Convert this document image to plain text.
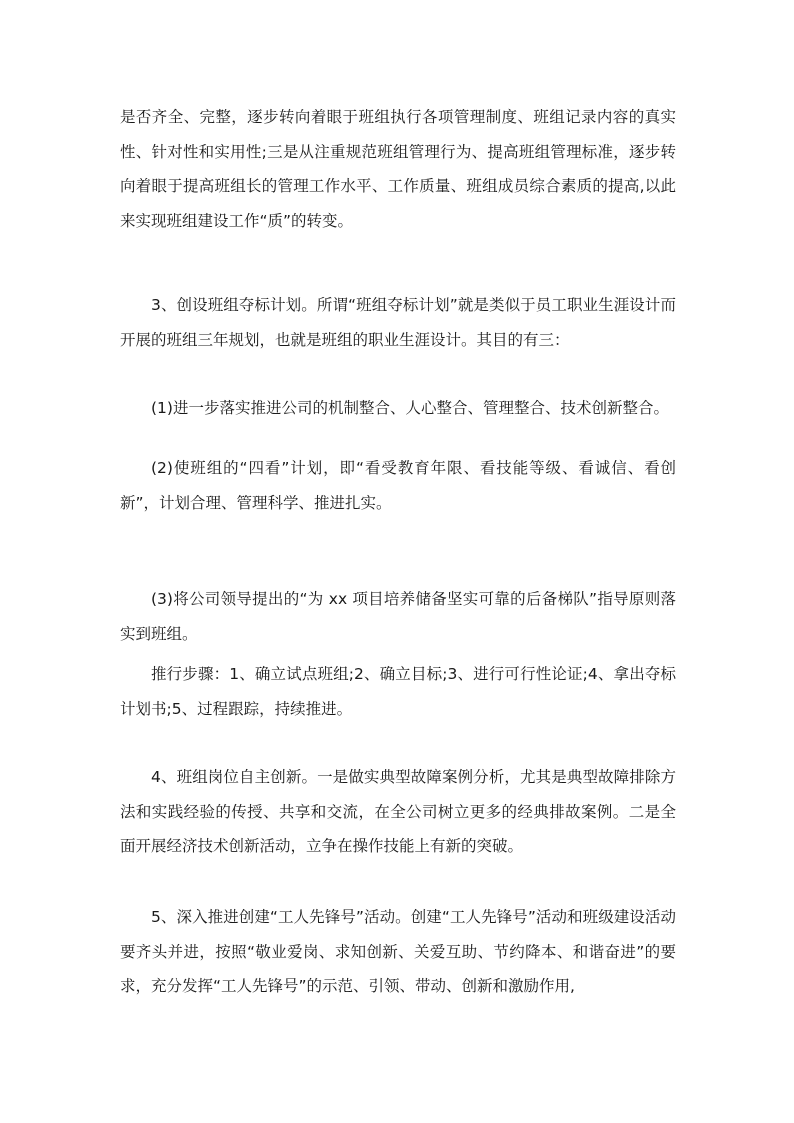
是否齐全、完整，逐步转向着眼于班组执行各项管理制度、班组记录内容的真实性、针对性和实用性;三是从注重规范班组管理行为、提高班组管理标准，逐步转向着眼于提高班组长的管理工作水平、工作质量、班组成员综合素质的提高,以此来实现班组建设工作“质”的转变。

3、创设班组夺标计划。所谓“班组夺标计划”就是类似于员工职业生涯设计而开展的班组三年规划，也就是班组的职业生涯设计。其目的有三：

(1)进一步落实推进公司的机制整合、人心整合、管理整合、技术创新整合。

(2)使班组的“四看”计划，即“看受教育年限、看技能等级、看诚信、看创新”，计划合理、管理科学、推进扎实。

(3)将公司领导提出的“为 xx 项目培养储备坚实可靠的后备梯队”指导原则落实到班组。

推行步骤：1、确立试点班组;2、确立目标;3、进行可行性论证;4、拿出夺标计划书;5、过程跟踪，持续推进。

4、班组岗位自主创新。一是做实典型故障案例分析，尤其是典型故障排除方法和实践经验的传授、共享和交流，在全公司树立更多的经典排故案例。二是全面开展经济技术创新活动，立争在操作技能上有新的突破。

5、深入推进创建“工人先锋号”活动。创建“工人先锋号”活动和班级建设活动要齐头并进，按照“敬业爱岗、求知创新、关爱互助、节约降本、和谐奋进”的要求，充分发挥“工人先锋号”的示范、引领、带动、创新和激励作用,
